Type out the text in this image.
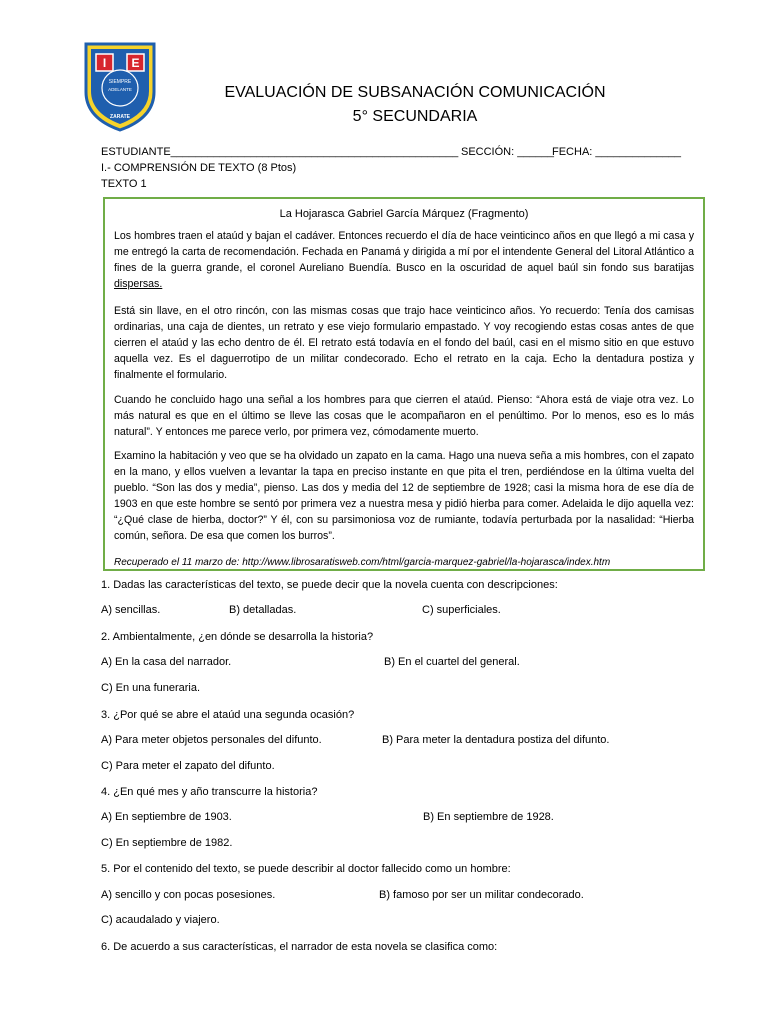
I E
SIEMPRE
ADELANTE
ZARATE
EVALUACIÓN DE SUBSANACIÓN COMUNICACIÓN
5° SECUNDARIA
ESTUDIANTE_______________________________________________ SECCIÓN: ______
FECHA: ______________
I.- COMPRENSIÓN DE TEXTO (8 Ptos)
TEXTO 1
La Hojarasca Gabriel García Márquez (Fragmento)
Los hombres traen el ataúd y bajan el cadáver. Entonces recuerdo el día de hace veinticinco años en que llegó a mi casa y me entregó la carta de recomendación. Fechada en Panamá y dirigida a mí por el intendente General del Litoral Atlántico a fines de la guerra grande, el coronel Aureliano Buendía. Busco en la oscuridad de aquel baúl sin fondo sus baratijas dispersas.
Está sin llave, en el otro rincón, con las mismas cosas que trajo hace veinticinco años. Yo recuerdo: Tenía dos camisas ordinarias, una caja de dientes, un retrato y ese viejo formulario empastado. Y voy recogiendo estas cosas antes de que cierren el ataúd y las echo dentro de él. El retrato está todavía en el fondo del baúl, casi en el mismo sitio en que estuvo aquella vez. Es el daguerrotipo de un militar condecorado. Echo el retrato en la caja. Echo la dentadura postiza y finalmente el formulario.
Cuando he concluido hago una señal a los hombres para que cierren el ataúd. Pienso: “Ahora está de viaje otra vez. Lo más natural es que en el último se lleve las cosas que le acompañaron en el penúltimo. Por lo menos, eso es lo más natural”. Y entonces me parece verlo, por primera vez, cómodamente muerto.
Examino la habitación y veo que se ha olvidado un zapato en la cama. Hago una nueva seña a mis hombres, con el zapato en la mano, y ellos vuelven a levantar la tapa en preciso instante en que pita el tren, perdiéndose en la última vuelta del pueblo. “Son las dos y media”, pienso. Las dos y media del 12 de septiembre de 1928; casi la misma hora de ese día de 1903 en que este hombre se sentó por primera vez a nuestra mesa y pidió hierba para comer. Adelaida le dijo aquella vez: “¿Qué clase de hierba, doctor?” Y él, con su parsimoniosa voz de rumiante, todavía perturbada por la nasalidad: “Hierba común, señora. De esa que comen los burros”.
Recuperado el 11 marzo de: http://www.librosaratisweb.com/html/garcia-marquez-gabriel/la-hojarasca/index.htm
1. Dadas las características del texto, se puede decir que la novela cuenta con descripciones:
A) sencillas.	B) detalladas.	C) superficiales.
2. Ambientalmente, ¿en dónde se desarrolla la historia?
A) En la casa del narrador.	B) En el cuartel del general.
C) En una funeraria.
3. ¿Por qué se abre el ataúd una segunda ocasión?
A) Para meter objetos personales del difunto.	B) Para meter la dentadura postiza del difunto.
C) Para meter el zapato del difunto.
4. ¿En qué mes y año transcurre la historia?
A) En septiembre de 1903.	B) En septiembre de 1928.
C) En septiembre de 1982.
5. Por el contenido del texto, se puede describir al doctor fallecido como un hombre:
A) sencillo y con pocas posesiones.	B) famoso por ser un militar condecorado.
C) acaudalado y viajero.
6. De acuerdo a sus características, el narrador de esta novela se clasifica como:
